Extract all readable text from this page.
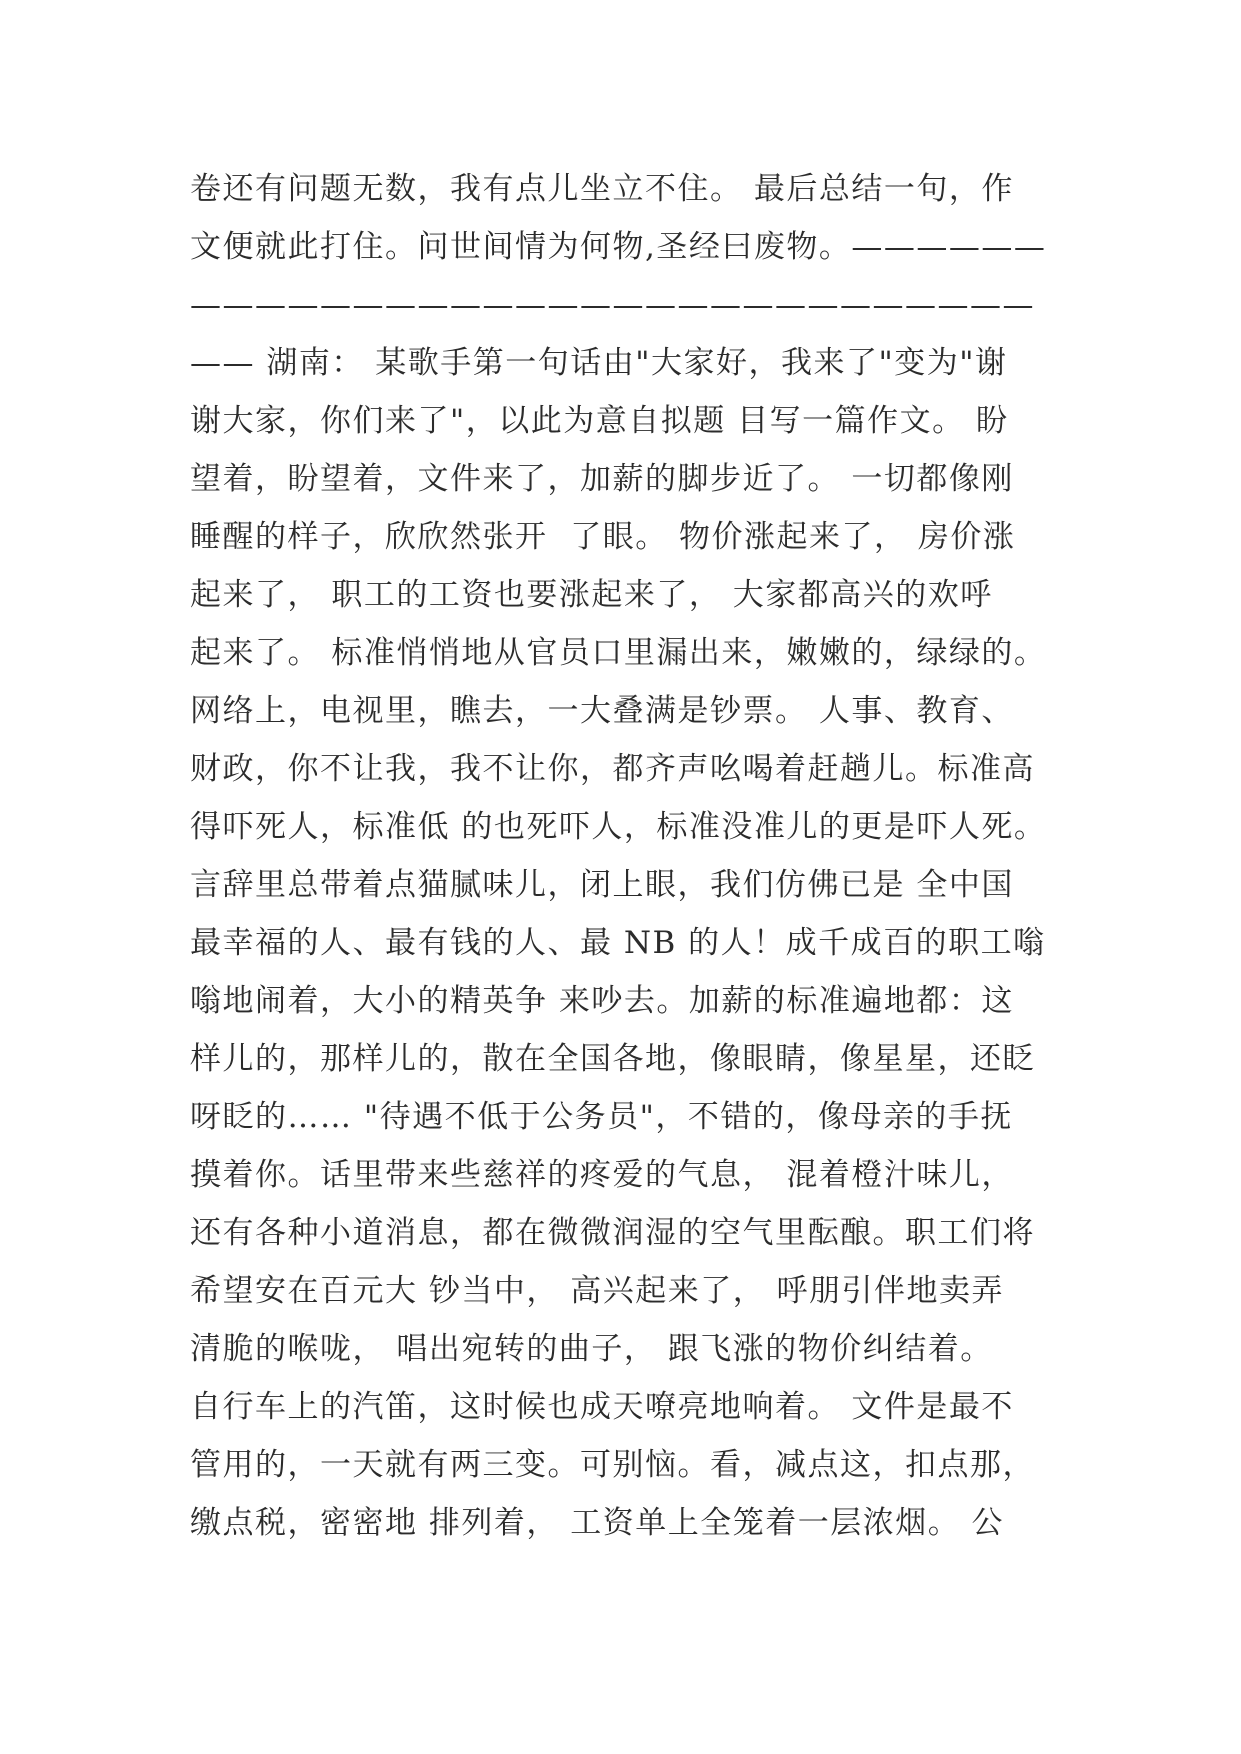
卷还有问题无数，我有点儿坐立不住。 最后总结一句，作
文便就此打住。问世间情为何物,圣经曰废物。——————
——————————————————————————
—— 湖南： 某歌手第一句话由"大家好，我来了"变为"谢
谢大家，你们来了"，以此为意自拟题 目写一篇作文。 盼
望着，盼望着，文件来了，加薪的脚步近了。 一切都像刚
睡醒的样子，欣欣然张开  了眼。 物价涨起来了， 房价涨
起来了， 职工的工资也要涨起来了， 大家都高兴的欢呼
起来了。 标准悄悄地从官员口里漏出来，嫩嫩的，绿绿的。
网络上，电视里，瞧去，一大叠满是钞票。 人事、教育、
财政，你不让我，我不让你，都齐声吆喝着赶趟儿。标准高
得吓死人，标准低 的也死吓人，标准没准儿的更是吓人死。
言辞里总带着点猫腻味儿，闭上眼，我们仿佛已是 全中国
最幸福的人、最有钱的人、最 NB 的人！成千成百的职工嗡
嗡地闹着，大小的精英争 来吵去。加薪的标准遍地都：这
样儿的，那样儿的，散在全国各地，像眼睛，像星星，还眨
呀眨的…… "待遇不低于公务员"，不错的，像母亲的手抚
摸着你。话里带来些慈祥的疼爱的气息， 混着橙汁味儿，
还有各种小道消息，都在微微润湿的空气里酝酿。职工们将
希望安在百元大 钞当中， 高兴起来了， 呼朋引伴地卖弄
清脆的喉咙， 唱出宛转的曲子， 跟飞涨的物价纠结着。
自行车上的汽笛，这时候也成天嘹亮地响着。 文件是最不
管用的，一天就有两三变。可别恼。看，减点这，扣点那，
缴点税，密密地 排列着， 工资单上全笼着一层浓烟。 公
